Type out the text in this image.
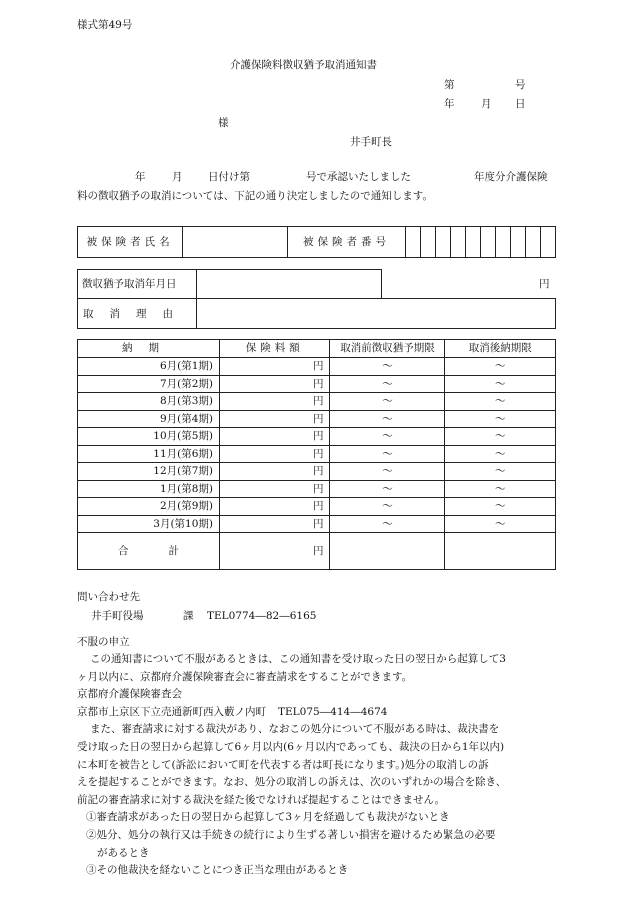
様式第49号
介護保険料徴収猶予取消通知書
第	号
年	月 日
様
井手町長
年	月 日付け第	号で承認いたしました	年度分介護保険
料の徴収猶予の取消については、下記の通り決定しましたので通知します。
被保険者氏名		被保険者番号										
徴収猶予取消年月日	円
取消理由
納期	保険料額	取消前徴収猶予期限	取消後納期限
6月(第1期)	円	～	～
7月(第2期)	円	～	～
8月(第3期)	円	～	～
9月(第4期)	円	～	～
10月(第5期)	円	～	～
11月(第6期)	円	～	～
12月(第7期)	円	～	～
1月(第8期)	円	～	～
2月(第9期)	円	～	～
3月(第10期)	円	～	～
合計	円		
問い合わせ先
井手町役場	課 TEL0774―82―6165
不服の申立
この通知書について不服があるときは、この通知書を受け取った日の翌日から起算して3
ヶ月以内に、京都府介護保険審査会に審査請求をすることができます。
京都府介護保険審査会
京都市上京区下立売通新町西入藪ノ内町 TEL075―414―4674
また、審査請求に対する裁決があり、なおこの処分について不服がある時は、裁決書を
受け取った日の翌日から起算して6ヶ月以内(6ヶ月以内であっても、裁決の日から1年以内)
に本町を被告として(訴訟において町を代表する者は町長になります。)処分の取消しの訴
えを提起することができます。なお、処分の取消しの訴えは、次のいずれかの場合を除き、
前記の審査請求に対する裁決を経た後でなければ提起することはできません。
①審査請求があった日の翌日から起算して3ヶ月を経過しても裁決がないとき
②処分、処分の執行又は手続きの続行により生ずる著しい損害を避けるため緊急の必要
があるとき
③その他裁決を経ないことにつき正当な理由があるとき
